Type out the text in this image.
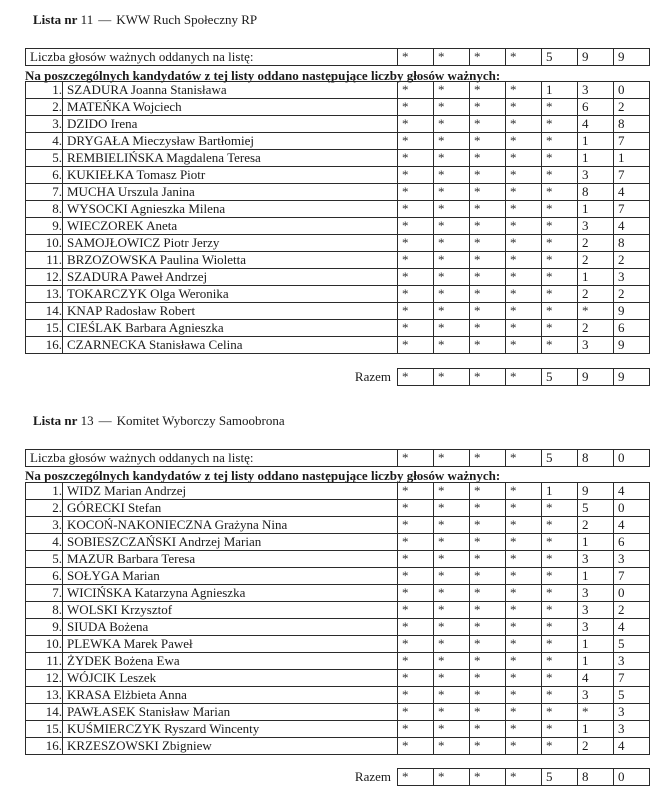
Lista nr 11 — KWW Ruch Społeczny RP
Liczba głosów ważnych oddanych na listę:	*	*	*	*	5	9	9
Na poszczególnych kandydatów z tej listy oddano następujące liczby głosów ważnych:
1.	SZADURA Joanna Stanisława	*	*	*	*	1	3	0
2.	MATEŃKA Wojciech	*	*	*	*	*	6	2
3.	DZIDO Irena	*	*	*	*	*	4	8
4.	DRYGAŁA Mieczysław Bartłomiej	*	*	*	*	*	1	7
5.	REMBIELIŃSKA Magdalena Teresa	*	*	*	*	*	1	1
6.	KUKIEŁKA Tomasz Piotr	*	*	*	*	*	3	7
7.	MUCHA Urszula Janina	*	*	*	*	*	8	4
8.	WYSOCKI Agnieszka Milena	*	*	*	*	*	1	7
9.	WIECZOREK Aneta	*	*	*	*	*	3	4
10.	SAMOJŁOWICZ Piotr Jerzy	*	*	*	*	*	2	8
11.	BRZOZOWSKA Paulina Wioletta	*	*	*	*	*	2	2
12.	SZADURA Paweł Andrzej	*	*	*	*	*	1	3
13.	TOKARCZYK Olga Weronika	*	*	*	*	*	2	2
14.	KNAP Radosław Robert	*	*	*	*	*	*	9
15.	CIEŚLAK Barbara Agnieszka	*	*	*	*	*	2	6
16.	CZARNECKA Stanisława Celina	*	*	*	*	*	3	9
Razem *	*	*	*	5	9	9
Lista nr 13 — Komitet Wyborczy Samoobrona
Liczba głosów ważnych oddanych na listę:	*	*	*	*	5	8	0
Na poszczególnych kandydatów z tej listy oddano następujące liczby głosów ważnych:
1.	WIDZ Marian Andrzej	*	*	*	*	1	9	4
2.	GÓRECKI Stefan	*	*	*	*	*	5	0
3.	KOCOŃ-NAKONIECZNA Grażyna Nina	*	*	*	*	*	2	4
4.	SOBIESZCZAŃSKI Andrzej Marian	*	*	*	*	*	1	6
5.	MAZUR Barbara Teresa	*	*	*	*	*	3	3
6.	SOŁYGA Marian	*	*	*	*	*	1	7
7.	WICIŃSKA Katarzyna Agnieszka	*	*	*	*	*	3	0
8.	WOLSKI Krzysztof	*	*	*	*	*	3	2
9.	SIUDA Bożena	*	*	*	*	*	3	4
10.	PLEWKA Marek Paweł	*	*	*	*	*	1	5
11.	ŻYDEK Bożena Ewa	*	*	*	*	*	1	3
12.	WÓJCIK Leszek	*	*	*	*	*	4	7
13.	KRASA Elżbieta Anna	*	*	*	*	*	3	5
14.	PAWŁASEK Stanisław Marian	*	*	*	*	*	*	3
15.	KUŚMIERCZYK Ryszard Wincenty	*	*	*	*	*	1	3
16.	KRZESZOWSKI Zbigniew	*	*	*	*	*	2	4
Razem *	*	*	*	5	8	0
